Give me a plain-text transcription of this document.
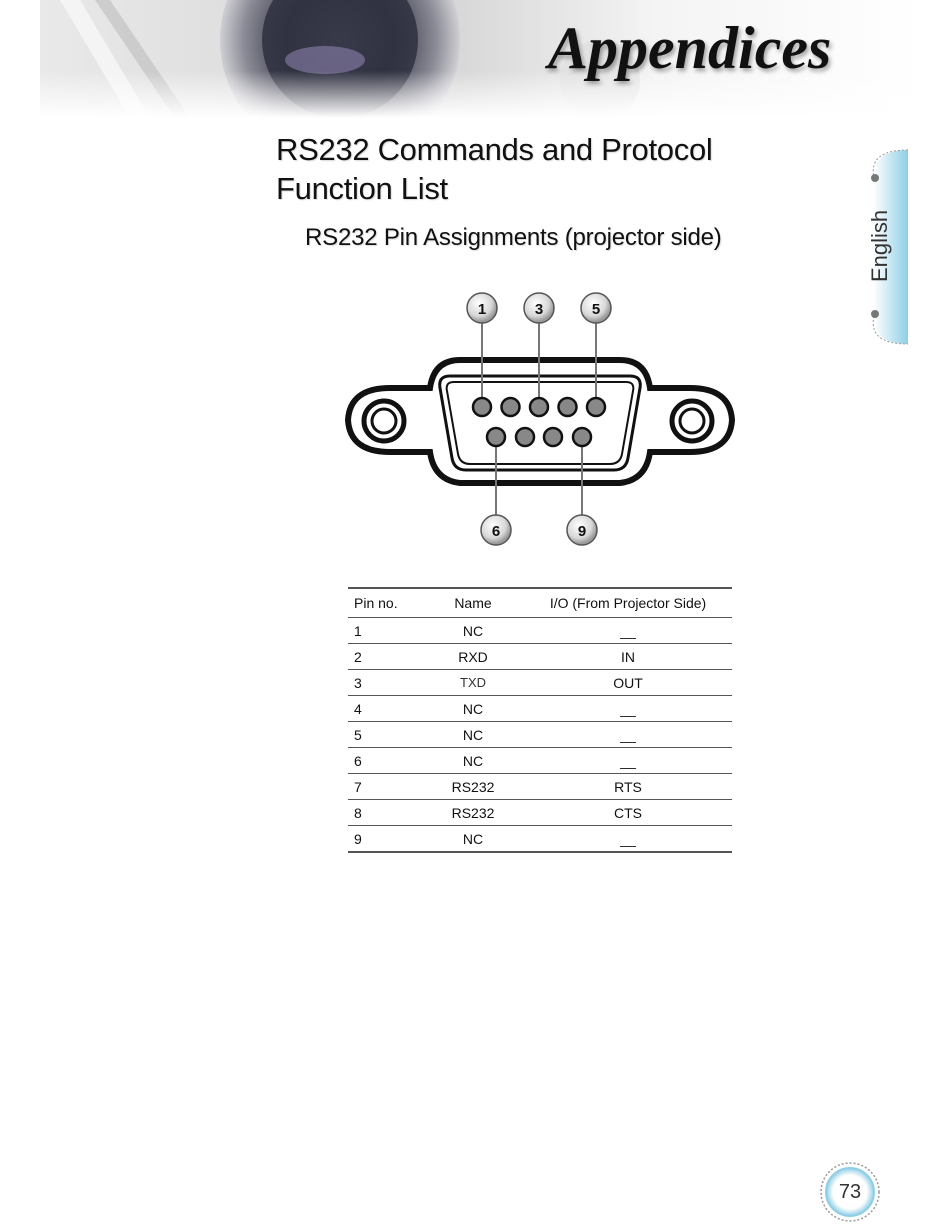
Appendices
English
RS232 Commands and Protocol
Function List
RS232 Pin Assignments (projector side)
1	3	5
6	9
Pin no.	Name	I/O (From Projector Side)
1	NC	__
2	RXD	IN
3	TXD	OUT
4	NC	__
5	NC	__
6	NC	__
7	RS232	RTS
8	RS232	CTS
9	NC	__
73
